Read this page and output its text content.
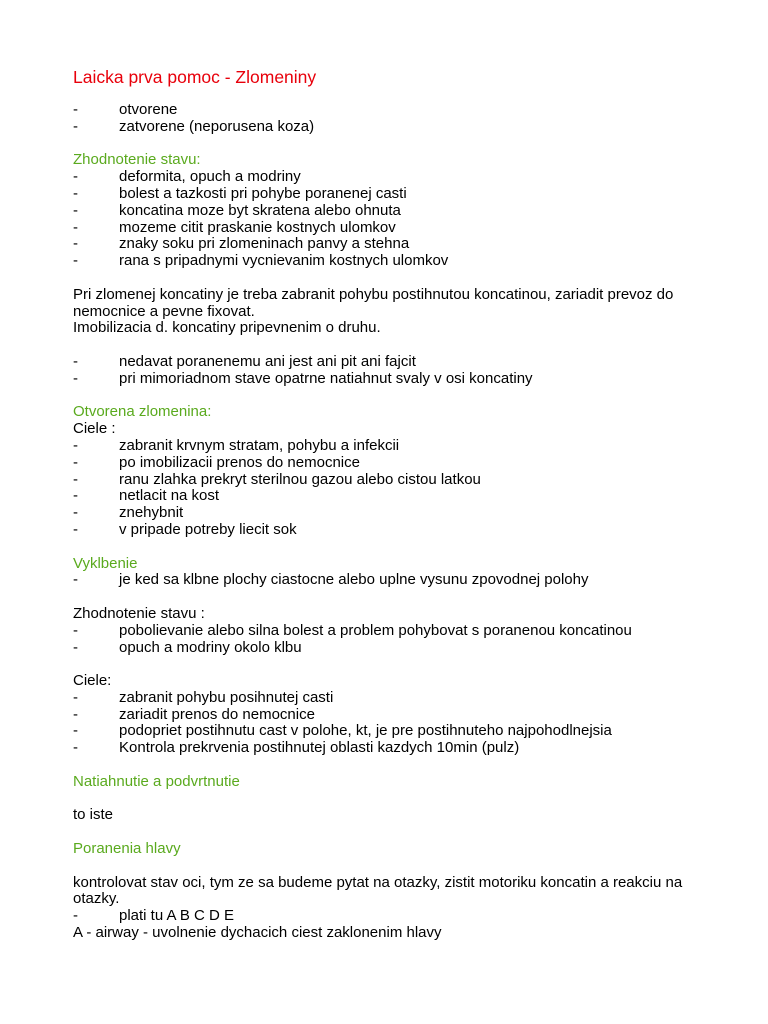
Laicka prva pomoc - Zlomeniny
-	otvorene
-	zatvorene (neporusena koza)
Zhodnotenie stavu:
-	deformita, opuch a modriny
-	bolest a tazkosti pri pohybe poranenej casti
-	koncatina moze byt skratena alebo ohnuta
-	mozeme citit praskanie kostnych ulomkov
-	znaky soku pri zlomeninach panvy a stehna
-	rana s pripadnymi vycnievanim kostnych ulomkov
Pri zlomenej koncatiny je treba zabranit pohybu postihnutou koncatinou, zariadit prevoz do nemocnice a pevne fixovat.
Imobilizacia d. koncatiny pripevnenim o druhu.
-	nedavat poranenemu ani jest ani pit ani fajcit
-	pri mimoriadnom stave opatrne natiahnut svaly v osi koncatiny
Otvorena zlomenina:
Ciele :
-	zabranit krvnym stratam, pohybu a infekcii
-	po imobilizacii prenos do nemocnice
-	ranu zlahka prekryt sterilnou gazou alebo cistou latkou
-	netlacit na kost
-	znehybnit
-	v pripade potreby liecit sok
Vyklbenie
-	je ked sa klbne plochy ciastocne alebo uplne vysunu zpovodnej polohy
Zhodnotenie stavu :
-	pobolievanie alebo silna bolest a problem pohybovat s poranenou koncatinou
-	opuch a modriny okolo klbu
Ciele:
-	zabranit pohybu posihnutej casti
-	zariadit prenos do nemocnice
-	podopriet postihnutu cast v polohe, kt, je pre postihnuteho najpohodlnejsia
-	Kontrola prekrvenia postihnutej oblasti kazdych 10min (pulz)
Natiahnutie a podvrtnutie
to iste
Poranenia hlavy
kontrolovat stav oci, tym ze sa budeme pytat na otazky, zistit motoriku koncatin a reakciu na otazky.
-	plati tu A B C D E
A - airway - uvolnenie dychacich ciest zaklonenim hlavy
